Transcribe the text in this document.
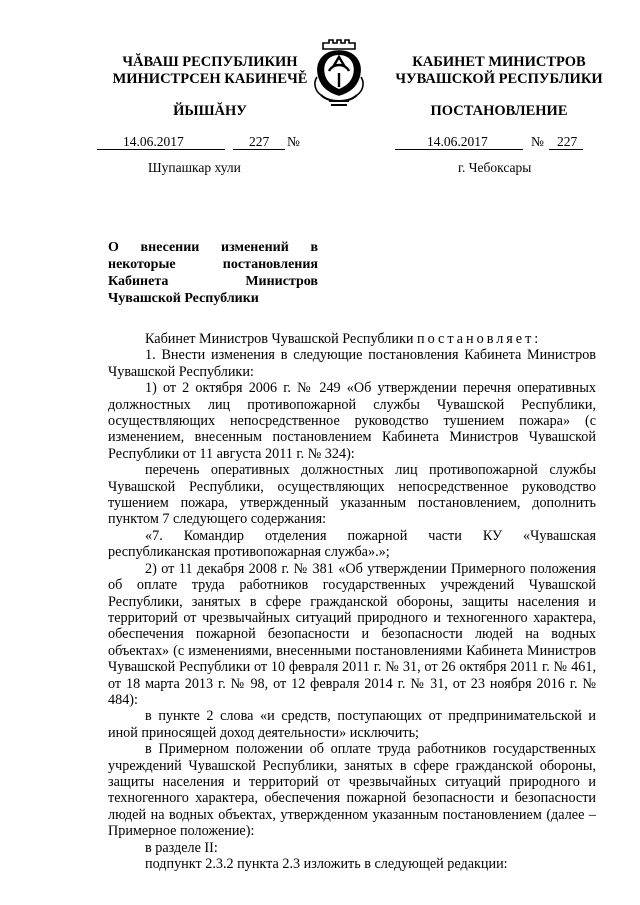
ЧĂВАШ РЕСПУБЛИКИН
МИНИСТРСЕН КАБИНЕЧĚ
КАБИНЕТ МИНИСТРОВ
ЧУВАШСКОЙ РЕСПУБЛИКИ
ЙЫШĂНУ	ПОСТАНОВЛЕНИЕ
14.06.2017	227 №	14.06.2017	№ 227
Шупашкар хули	г. Чебоксары
О внесении изменений в некоторые постановления Кабинета Министров Чувашской Республики

Кабинет Министров Чувашской Республики постановляет:

1. Внести изменения в следующие постановления Кабинета Министров Чувашской Республики:

1) от 2 октября 2006 г. № 249 «Об утверждении перечня оперативных должностных лиц противопожарной службы Чувашской Республики, осуществляющих непосредственное руководство тушением пожара» (с изменением, внесенным постановлением Кабинета Министров Чувашской Республики от 11 августа 2011 г. № 324):

перечень оперативных должностных лиц противопожарной службы Чувашской Республики, осуществляющих непосредственное руководство тушением пожара, утвержденный указанным постановлением, дополнить пунктом 7 следующего содержания:

«7. Командир отделения пожарной части КУ «Чувашская республиканская противопожарная служба».»;

2) от 11 декабря 2008 г. № 381 «Об утверждении Примерного положения об оплате труда работников государственных учреждений Чувашской Республики, занятых в сфере гражданской обороны, защиты населения и территорий от чрезвычайных ситуаций природного и техногенного характера, обеспечения пожарной безопасности и безопасности людей на водных объектах» (с изменениями, внесенными постановлениями Кабинета Министров Чувашской Республики от 10 февраля 2011 г. № 31, от 26 октября 2011 г. № 461, от 18 марта 2013 г. № 98, от 12 февраля 2014 г. № 31, от 23 ноября 2016 г. № 484):

в пункте 2 слова «и средств, поступающих от предпринимательской и иной приносящей доход деятельности» исключить;

в Примерном положении об оплате труда работников государственных учреждений Чувашской Республики, занятых в сфере гражданской обороны, защиты населения и территорий от чрезвычайных ситуаций природного и техногенного характера, обеспечения пожарной безопасности и безопасности людей на водных объектах, утвержденном указанным постановлением (далее – Примерное положение):

в разделе II:

подпункт 2.3.2 пункта 2.3 изложить в следующей редакции:
